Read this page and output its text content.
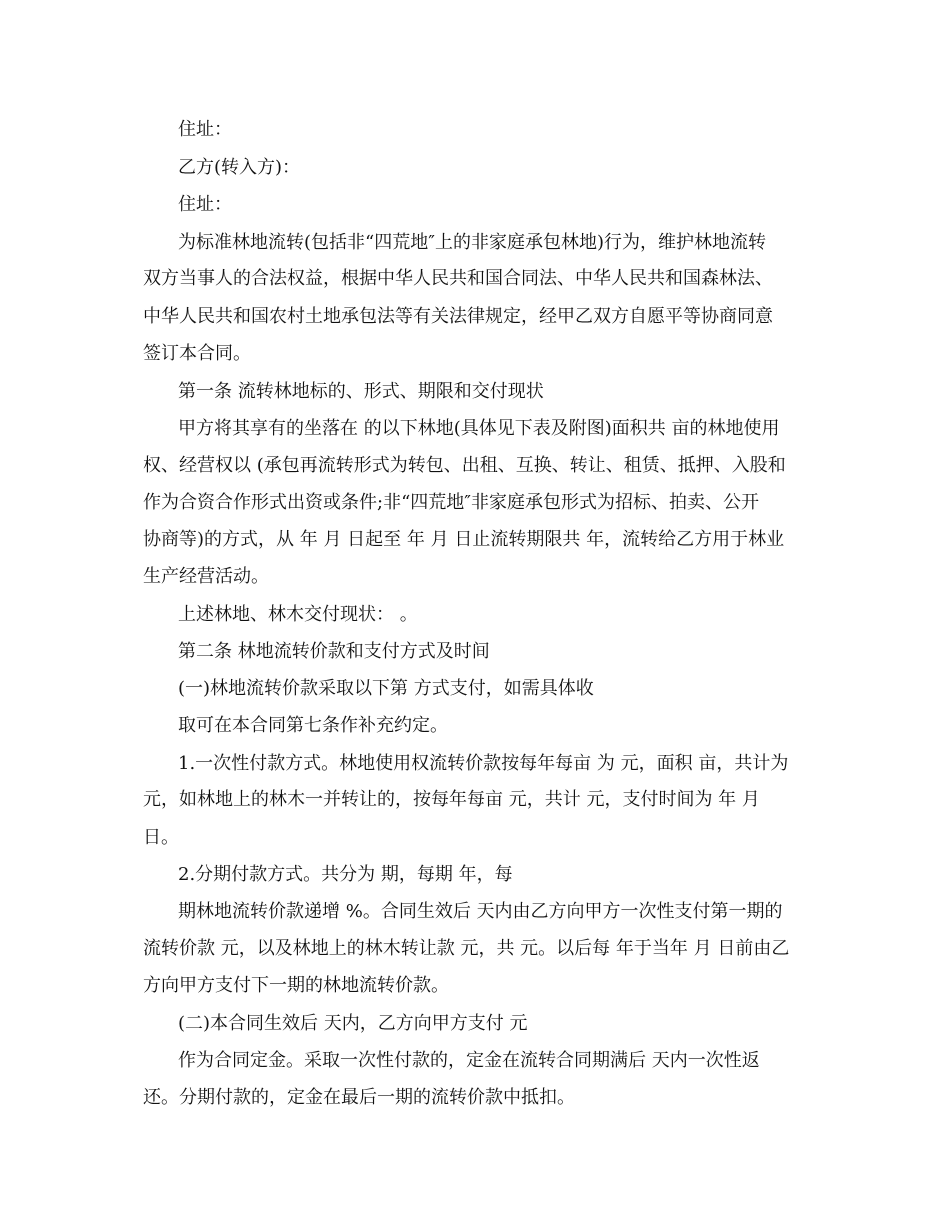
住址：
乙方(转入方)：
住址：
为标准林地流转(包括非“四荒地″上的非家庭承包林地)行为，维护林地流转
双方当事人的合法权益，根据中华人民共和国合同法、中华人民共和国森林法、
中华人民共和国农村土地承包法等有关法律规定，经甲乙双方自愿平等协商同意
签订本合同。
第一条 流转林地标的、形式、期限和交付现状
甲方将其享有的坐落在 的以下林地(具体见下表及附图)面积共 亩的林地使用
权、经营权以 (承包再流转形式为转包、出租、互换、转让、租赁、抵押、入股和
作为合资合作形式出资或条件;非“四荒地″非家庭承包形式为招标、拍卖、公开
协商等)的方式，从 年 月 日起至 年 月 日止流转期限共 年，流转给乙方用于林业
生产经营活动。
上述林地、林木交付现状： 。
第二条 林地流转价款和支付方式及时间
(一)林地流转价款采取以下第 方式支付，如需具体收
取可在本合同第七条作补充约定。
1.一次性付款方式。林地使用权流转价款按每年每亩 为 元，面积 亩，共计为
元，如林地上的林木一并转让的，按每年每亩 元，共计 元，支付时间为 年 月
日。
2.分期付款方式。共分为 期，每期 年，每
期林地流转价款递增 %。合同生效后 天内由乙方向甲方一次性支付第一期的
流转价款 元，以及林地上的林木转让款 元，共 元。以后每 年于当年 月 日前由乙
方向甲方支付下一期的林地流转价款。
(二)本合同生效后 天内，乙方向甲方支付 元
作为合同定金。采取一次性付款的，定金在流转合同期满后 天内一次性返
还。分期付款的，定金在最后一期的流转价款中抵扣。
